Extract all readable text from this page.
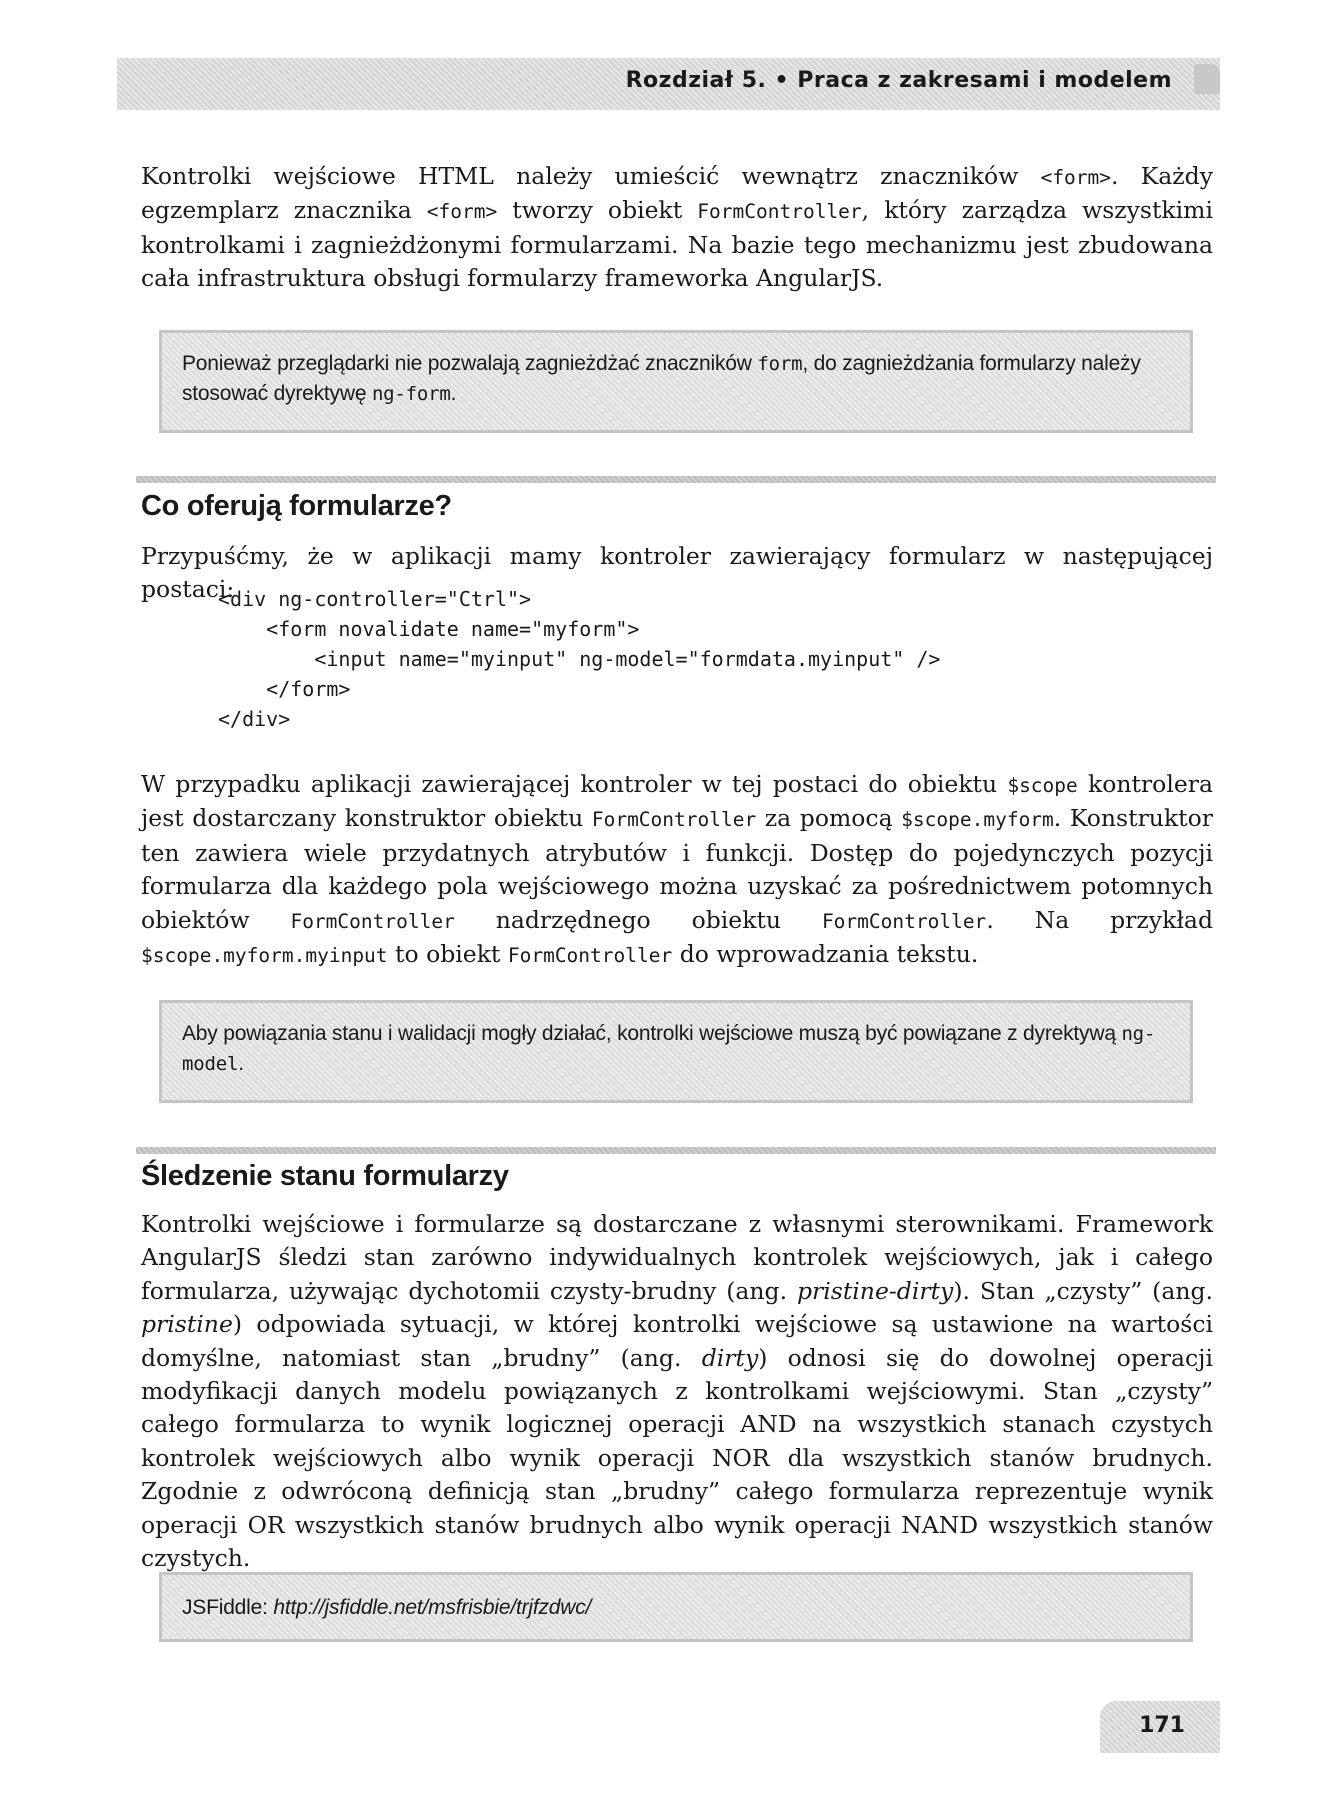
Rozdział 5. • Praca z zakresami i modelem

Kontrolki wejściowe HTML należy umieścić wewnątrz znaczników <form>. Każdy egzemplarz znacznika <form> tworzy obiekt FormController, który zarządza wszystkimi kontrolkami i zagnieżdżonymi formularzami. Na bazie tego mechanizmu jest zbudowana cała infrastruktura obsługi formularzy frameworka AngularJS.

Ponieważ przeglądarki nie pozwalają zagnieżdżać znaczników form, do zagnieżdżania formularzy należy stosować dyrektywę ng-form.
Co oferują formularze?

Przypuśćmy, że w aplikacji mamy kontroler zawierający formularz w następującej postaci:

<div ng-controller="Ctrl">
<form novalidate name="myform">
<input name="myinput" ng-model="formdata.myinput" />
</form>
</div>

W przypadku aplikacji zawierającej kontroler w tej postaci do obiektu $scope kontrolera jest dostarczany konstruktor obiektu FormController za pomocą $scope.myform. Konstruktor ten zawiera wiele przydatnych atrybutów i funkcji. Dostęp do pojedynczych pozycji formularza dla każdego pola wejściowego można uzyskać za pośrednictwem potomnych obiektów FormController nadrzędnego obiektu FormController. Na przykład $scope.myform.myinput to obiekt FormController do wprowadzania tekstu.

Aby powiązania stanu i walidacji mogły działać, kontrolki wejściowe muszą być powiązane z dyrektywą ng-model.
Śledzenie stanu formularzy

Kontrolki wejściowe i formularze są dostarczane z własnymi sterownikami. Framework AngularJS śledzi stan zarówno indywidualnych kontrolek wejściowych, jak i całego formularza, używając dychotomii czysty-brudny (ang. pristine-dirty). Stan „czysty” (ang. pristine) odpowiada sytuacji, w której kontrolki wejściowe są ustawione na wartości domyślne, natomiast stan „brudny” (ang. dirty) odnosi się do dowolnej operacji modyfikacji danych modelu powiązanych z kontrolkami wejściowymi. Stan „czysty” całego formularza to wynik logicznej operacji AND na wszystkich stanach czystych kontrolek wejściowych albo wynik operacji NOR dla wszystkich stanów brudnych. Zgodnie z odwróconą definicją stan „brudny” całego formularza reprezentuje wynik operacji OR wszystkich stanów brudnych albo wynik operacji NAND wszystkich stanów czystych.

JSFiddle: http://jsfiddle.net/msfrisbie/trjfzdwc/
171
